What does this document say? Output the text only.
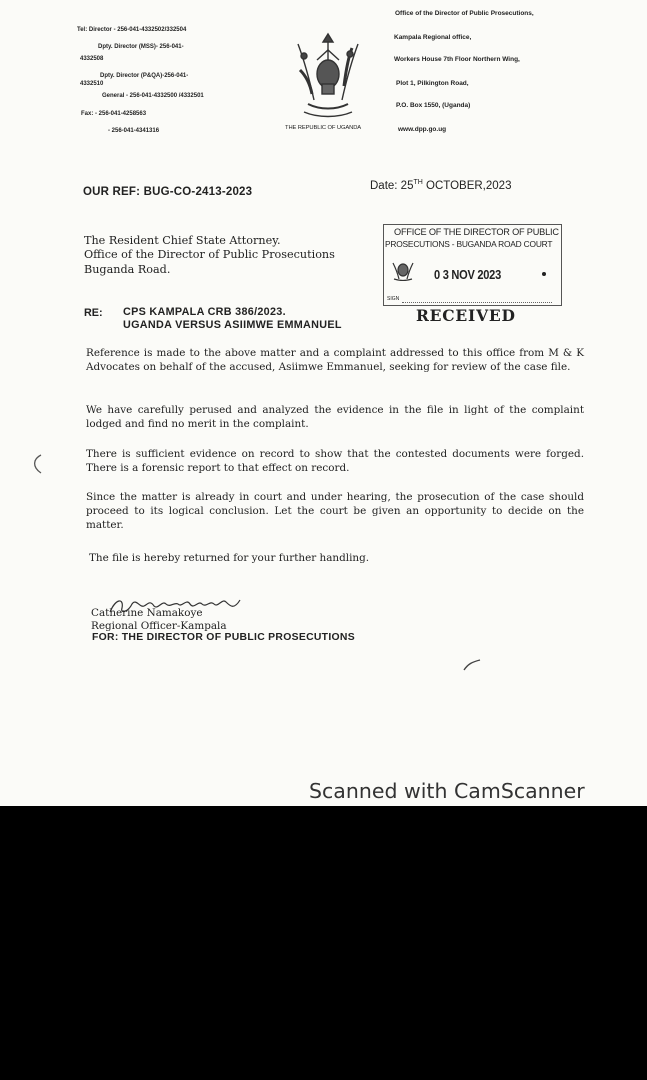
Tel: Director - 256-041-4332502/332504
Dpty. Director (MSS)- 256-041-
4332508
Dpty. Director (P&QA)-256-041-
4332510
General - 256-041-4332500 /4332501
Fax: - 256-041-4258563
- 256-041-4341316	THE REPUBLIC OF UGANDA
Office of the Director of Public Prosecutions,
Kampala Regional office,
Workers House 7th Floor Northern Wing,
Plot 1, Pilkington Road,
P.O. Box 1550, (Uganda)
www.dpp.go.ug
OUR REF: BUG-CO-2413-2023
Date: 25TH OCTOBER,2023
The Resident Chief State Attorney.
Office of the Director of Public Prosecutions
Buganda Road.
OFFICE OF THE DIRECTOR OF PUBLIC
PROSECUTIONS - BUGANDA ROAD COURT
0 3 NOV 2023
SIGN
RECEIVED
RE: CPS KAMPALA CRB 386/2023.
UGANDA VERSUS ASIIMWE EMMANUEL
Reference is made to the above matter and a complaint addressed to this office from M & K Advocates on behalf of the accused, Asiimwe Emmanuel, seeking for review of the case file.
We have carefully perused and analyzed the evidence in the file in light of the complaint lodged and find no merit in the complaint.
There is sufficient evidence on record to show that the contested documents were forged. There is a forensic report to that effect on record.
Since the matter is already in court and under hearing, the prosecution of the case should proceed to its logical conclusion. Let the court be given an opportunity to decide on the matter.
The file is hereby returned for your further handling.
Catherine Namakoye
Regional Officer-Kampala
FOR: THE DIRECTOR OF PUBLIC PROSECUTIONS
Scanned with CamScanner
